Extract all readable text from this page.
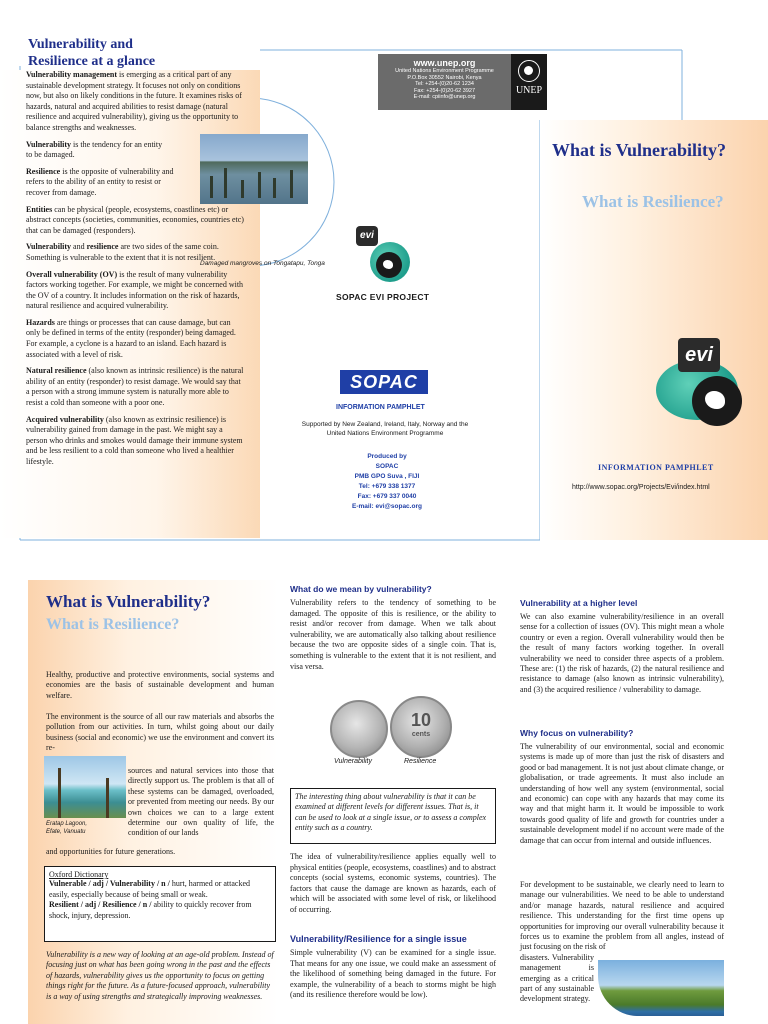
Vulnerability and
Resilience at a glance

Vulnerability management is emerging as a critical part of any sustainable development strategy. It focuses not only on conditions now, but also on likely conditions in the future. It examines risks of hazards, natural and acquired abilities to resist damage (natural resilience and acquired vulnerability), giving us the opportunity to balance strengths and weaknesses.

Vulnerability is the tendency for an entity to be damaged.

Resilience is the opposite of vulnerability and refers to the ability of an entity to resist or recover from damage.

Entities can be physical (people, ecosystems, coastlines etc) or abstract concepts (societies, communities, economies, countries etc) that can be damaged (responders).

Vulnerability and resilience are two sides of the same coin. Something is vulnerable to the extent that it is not resilient.

Overall vulnerability (OV) is the result of many vulnerability factors working together. For example, we might be concerned with the OV of a country. It includes information on the risk of hazards, natural resilience and acquired vulnerability.

Hazards are things or processes that can cause damage, but can only be defined in terms of the entity (responder) being damaged. For example, a cyclone is a hazard to an island. Each hazard is associated with a level of risk.

Natural resilience (also known as intrinsic resilience) is the natural ability of an entity (responder) to resist damage. We would say that a person with a strong immune system is naturally more able to resist a cold than someone with a poor one.

Acquired vulnerability (also known as extrinsic resilience) is vulnerability gained from damage in the past. We might say a person who drinks and smokes would damage their immune system and be less resilient to a cold than someone who lived a healthier lifestyle.

Damaged mangroves on Tongatapu, Tonga
www.unep.org
United Nations Environment Programme
P.O.Box 30552 Nairobi, Kenya
Tel: +254-(0)20-62 1234
Fax: +254-(0)20-62 3927
E-mail: cpiinfo@unep.org
UNEP
evi
SOPAC EVI PROJECT
SOPAC
INFORMATION PAMPHLET
Supported by New Zealand, Ireland, Italy, Norway and the United Nations Environment Programme
Produced by
SOPAC
PMB GPO Suva , FIJI
Tel: +679 338 1377
Fax: +679 337 0040
E-mail: evi@sopac.org
What is Vulnerability?
What is Resilience?
evi
INFORMATION PAMPHLET
http://www.sopac.org/Projects/Evi/index.html
What is Vulnerability?
What is Resilience?
Healthy, productive and protective environments, social systems and economies are the basis of sustainable development and human welfare.
The environment is the source of all our raw materials and absorbs the pollution from our activities. In turn, whilst going about our daily business (social and economic) we use the environment and convert its re-
Eratap Lagoon,
Efate, Vanuatu
sources and natural services into those that directly support us. The problem is that all of these systems can be damaged, overloaded, or prevented from meeting our needs. By our own choices we can to a large extent determine our own quality of life, the condition of our lands
and opportunities for future generations.
Oxford Dictionary
Vulnerable / adj / Vulnerability / n / hurt, harmed or attacked easily, especially because of being small or weak.
Resilient / adj / Resilience / n / ability to quickly recover from shock, injury, depression.
Vulnerability is a new way of looking at an age-old problem. Instead of focusing just on what has been going wrong in the past and the effects of hazards, vulnerability gives us the opportunity to focus on getting things right for the future. As a future-focused approach, vulnerability is a way of using strengths and strategically improving weaknesses.
What do we mean by vulnerability?
Vulnerability refers to the tendency of something to be damaged. The opposite of this is resilience, or the ability to resist and/or recover from damage. When we talk about vulnerability, we are automatically also talking about resilience because the two are opposite sides of a single coin. That is, something is vulnerable to the extent that it is not resilient, and visa versa.
10
cents
Vulnerability	Resilience
The interesting thing about vulnerability is that it can be examined at different levels for different issues. That is, it can be used to look at a single issue, or to assess a complex entity such as a country.
The idea of vulnerability/resilience applies equally well to physical entities (people, ecosystems, coastlines) and to abstract concepts (social systems, economic systems, countries). The factors that cause the damage are known as hazards, each of which will be associated with some level of risk, or likelihood of occurring.
Vulnerability/Resilience for a single issue
Simple vulnerability (V) can be examined for a single issue. That means for any one issue, we could make an assessment of the likelihood of something being damaged in the future. For example, the vulnerability of a beach to storms might be high (and its resilience therefore would be low).
Vulnerability at a higher level
We can also examine vulnerability/resilience in an overall sense for a collection of issues (OV). This might mean a whole country or even a region. Overall vulnerability would then be the result of many factors working together. In overall vulnerability we need to consider three aspects of a problem. These are: (1) the risk of hazards, (2) the natural resilience and resistance to damage (also known as intrinsic vulnerability), and (3) the acquired resilience / vulnerability to damage.
Why focus on vulnerability?
The vulnerability of our environmental, social and economic systems is made up of more than just the risk of disasters and good or bad management. It is not just about climate change, or globalisation, or trade agreements. It must also include an understanding of how well any system (environmental, social and economic) can cope with any hazards that may come its way and that might harm it. It would be impossible to work towards good quality of life and growth for countries under a sustainable development model if no account were made of the damage that can occur from internal and outside influences.
For development to be sustainable, we clearly need to learn to manage our vulnerabilities. We need to be able to understand and/or manage hazards, natural resilience and acquired resilience. This understanding for the first time opens up opportunities for improving our overall vulnerability because it forces us to examine the problem from all angles, instead of just focusing on the risk of
disasters. Vulnerability management is emerging as a critical part of any sustainable development strategy.
